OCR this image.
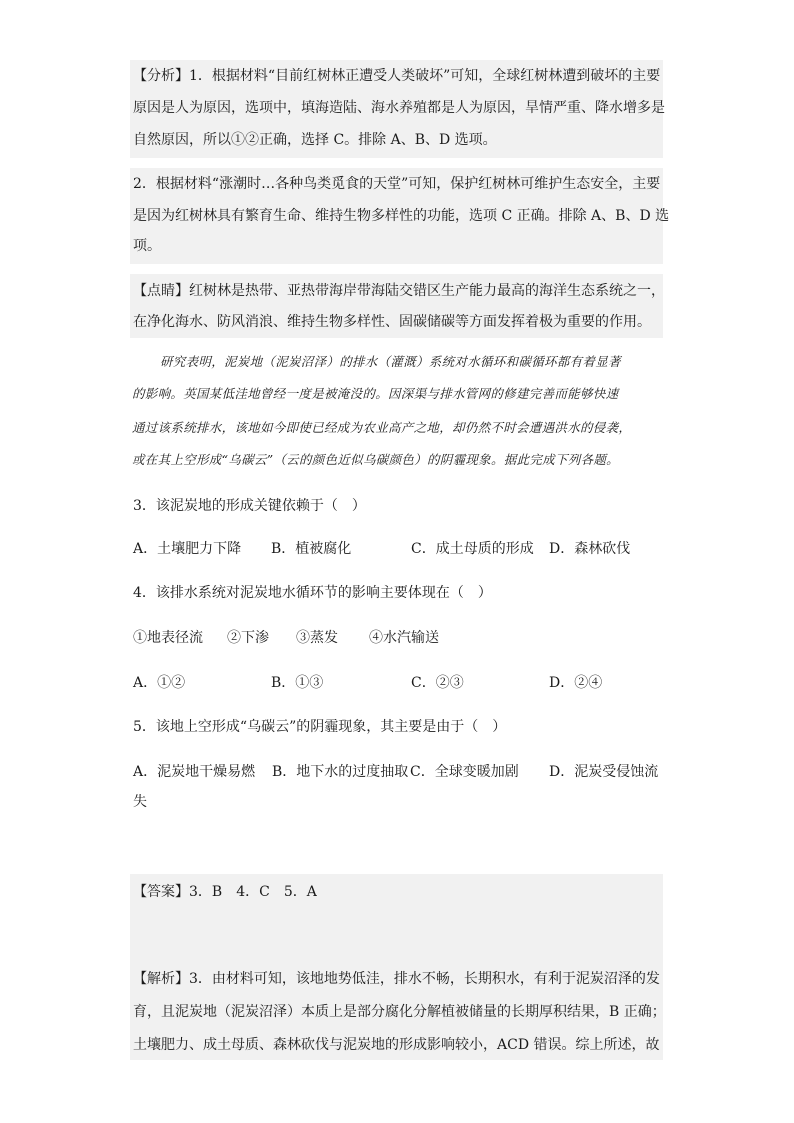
【分析】1．根据材料“目前红树林正遭受人类破坏”可知，全球红树林遭到破坏的主要
原因是人为原因，选项中，填海造陆、海水养殖都是人为原因，旱情严重、降水增多是
自然原因，所以①②正确，选择 C。排除 A、B、D 选项。
2．根据材料“涨潮时…各种鸟类觅食的天堂”可知，保护红树林可维护生态安全，主要
是因为红树林具有繁育生命、维持生物多样性的功能，选项 C 正确。排除 A、B、D 选
项。
【点睛】红树林是热带、亚热带海岸带海陆交错区生产能力最高的海洋生态系统之一，
在净化海水、防风消浪、维持生物多样性、固碳储碳等方面发挥着极为重要的作用。
研究表明，泥炭地（泥炭沼泽）的排水（灌溉）系统对水循环和碳循环都有着显著
的影响。英国某低洼地曾经一度是被淹没的。因深渠与排水管网的修建完善而能够快速
通过该系统排水，该地如今即使已经成为农业高产之地，却仍然不时会遭遇洪水的侵袭，
或在其上空形成“乌碳云”（云的颜色近似乌碳颜色）的阴霾现象。据此完成下列各题。
3．该泥炭地的形成关键依赖于（　）
A．土壤肥力下降 B．植被腐化	C．成土母质的形成 D．森林砍伐
4．该排水系统对泥炭地水循环节的影响主要体现在（　）
①地表径流 ②下渗 ③蒸发 ④水汽输送
A．①②	B．①③	C．②③	D．②④
5．该地上空形成“乌碳云”的阴霾现象，其主要是由于（　）
A．泥炭地干燥易燃 B．地下水的过度抽取 C．全球变暖加剧 D．泥炭受侵蚀流
失
【答案】3．B　4．C　5．A
【解析】3．由材料可知，该地地势低洼，排水不畅，长期积水，有利于泥炭沼泽的发
育，且泥炭地（泥炭沼泽）本质上是部分腐化分解植被储量的长期厚积结果，B 正确；
土壤肥力、成土母质、森林砍伐与泥炭地的形成影响较小，ACD 错误。综上所述，故
